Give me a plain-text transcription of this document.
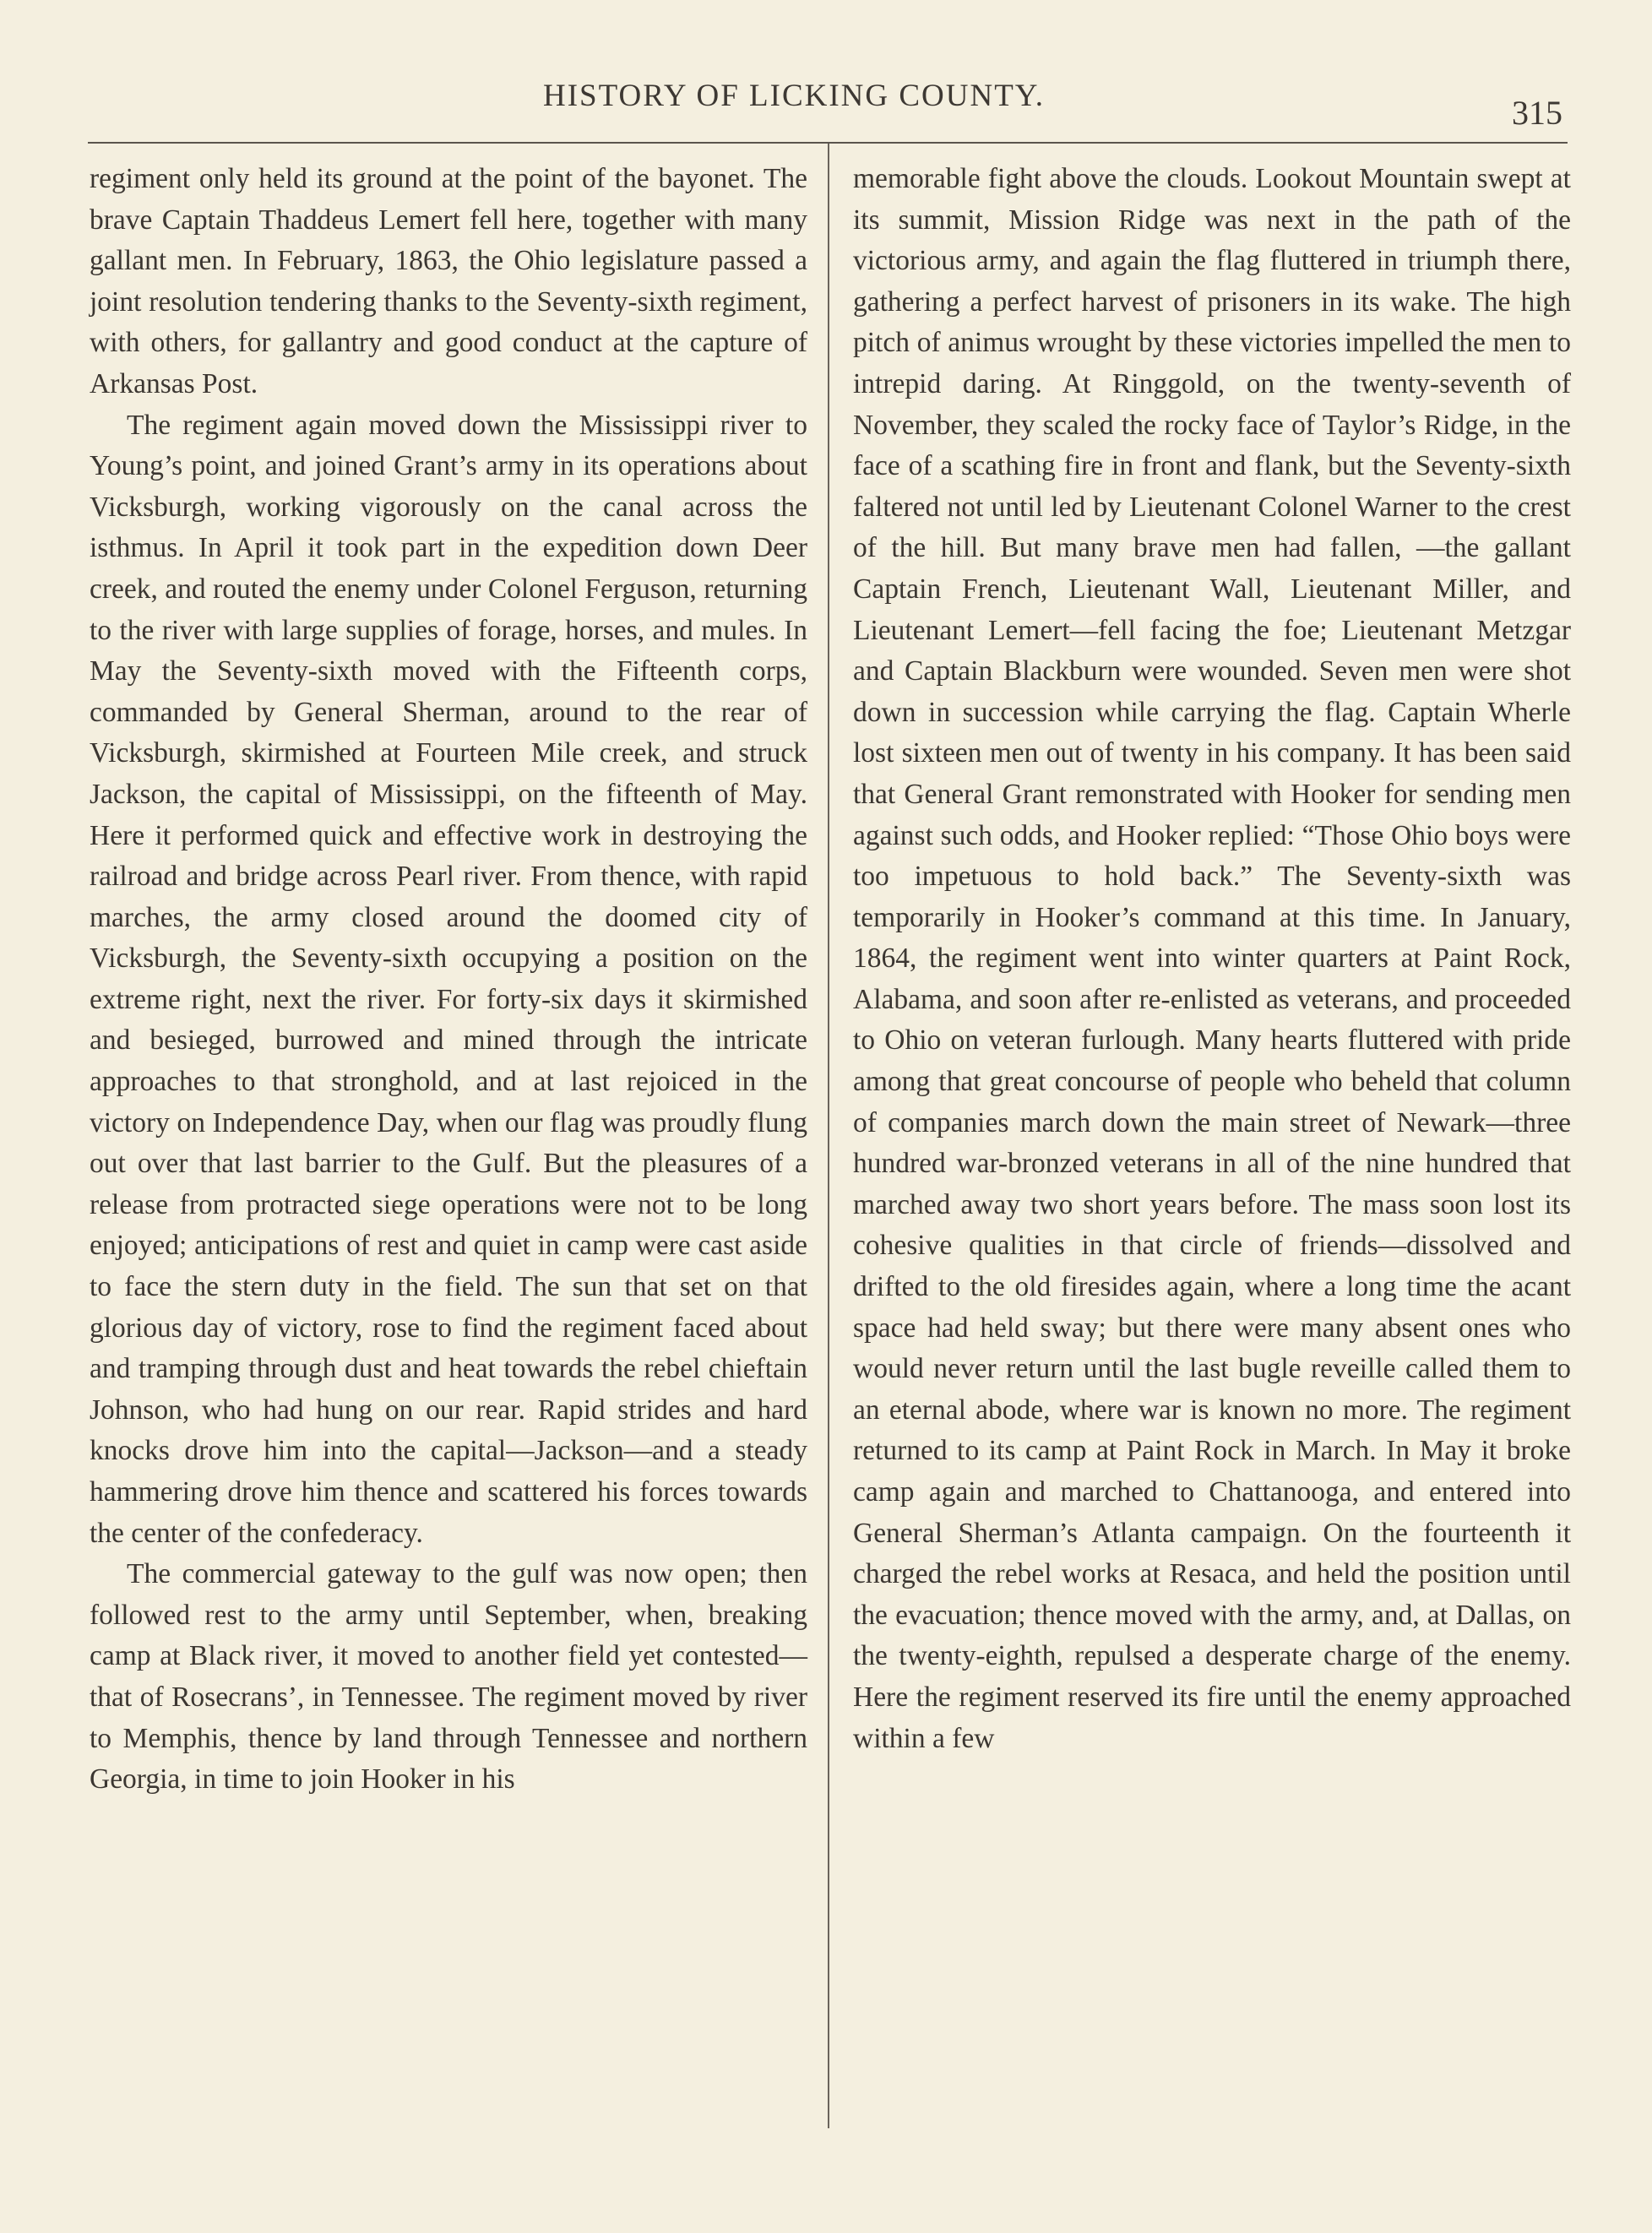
HISTORY OF LICKING COUNTY.	315

regiment only held its ground at the point of the bayonet. The brave Captain Thaddeus Lemert fell here, together with many gallant men. In February, 1863, the Ohio legislature passed a joint resolution tendering thanks to the Seventy-sixth regiment, with others, for gallantry and good conduct at the capture of Arkansas Post.

The regiment again moved down the Mississippi river to Young’s point, and joined Grant’s army in its operations about Vicksburgh, working vigorously on the canal across the isthmus. In April it took part in the expedition down Deer creek, and routed the enemy under Colonel Ferguson, returning to the river with large supplies of forage, horses, and mules. In May the Seventy-sixth moved with the Fifteenth corps, commanded by General Sherman, around to the rear of Vicksburgh, skirmished at Fourteen Mile creek, and struck Jackson, the capital of Mississippi, on the fifteenth of May. Here it performed quick and effective work in destroying the railroad and bridge across Pearl river. From thence, with rapid marches, the army closed around the doomed city of Vicksburgh, the Seventy-sixth occupying a position on the extreme right, next the river. For forty-six days it skirmished and besieged, burrowed and mined through the intricate approaches to that stronghold, and at last rejoiced in the victory on Independence Day, when our flag was proudly flung out over that last barrier to the Gulf. But the pleasures of a release from protracted siege operations were not to be long enjoyed; anticipations of rest and quiet in camp were cast aside to face the stern duty in the field. The sun that set on that glorious day of victory, rose to find the regiment faced about and tramping through dust and heat towards the rebel chieftain Johnson, who had hung on our rear. Rapid strides and hard knocks drove him into the capital—Jackson—and a steady hammering drove him thence and scattered his forces towards the center of the confederacy.

The commercial gateway to the gulf was now open; then followed rest to the army until September, when, breaking camp at Black river, it moved to another field yet contested—that of Rosecrans’, in Tennessee. The regiment moved by river to Memphis, thence by land through Tennessee and northern Georgia, in time to join Hooker in his

memorable fight above the clouds. Lookout Mountain swept at its summit, Mission Ridge was next in the path of the victorious army, and again the flag fluttered in triumph there, gathering a perfect harvest of prisoners in its wake. The high pitch of animus wrought by these victories impelled the men to intrepid daring. At Ringgold, on the twenty-seventh of November, they scaled the rocky face of Taylor’s Ridge, in the face of a scathing fire in front and flank, but the Seventy-sixth faltered not until led by Lieutenant Colonel Warner to the crest of the hill. But many brave men had fallen, —the gallant Captain French, Lieutenant Wall, Lieutenant Miller, and Lieutenant Lemert—fell facing the foe; Lieutenant Metzgar and Captain Blackburn were wounded. Seven men were shot down in succession while carrying the flag. Captain Wherle lost sixteen men out of twenty in his company. It has been said that General Grant remonstrated with Hooker for sending men against such odds, and Hooker replied: “Those Ohio boys were too impetuous to hold back.” The Seventy-sixth was temporarily in Hooker’s command at this time. In January, 1864, the regiment went into winter quarters at Paint Rock, Alabama, and soon after re-enlisted as veterans, and proceeded to Ohio on veteran furlough. Many hearts fluttered with pride among that great concourse of people who beheld that column of companies march down the main street of Newark—three hundred war-bronzed veterans in all of the nine hundred that marched away two short years before. The mass soon lost its cohesive qualities in that circle of friends—dissolved and drifted to the old firesides again, where a long time the acant space had held sway; but there were many absent ones who would never return until the last bugle reveille called them to an eternal abode, where war is known no more. The regiment returned to its camp at Paint Rock in March. In May it broke camp again and marched to Chattanooga, and entered into General Sherman’s Atlanta campaign. On the fourteenth it charged the rebel works at Resaca, and held the position until the evacuation; thence moved with the army, and, at Dallas, on the twenty-eighth, repulsed a desperate charge of the enemy. Here the regiment reserved its fire until the enemy approached within a few
